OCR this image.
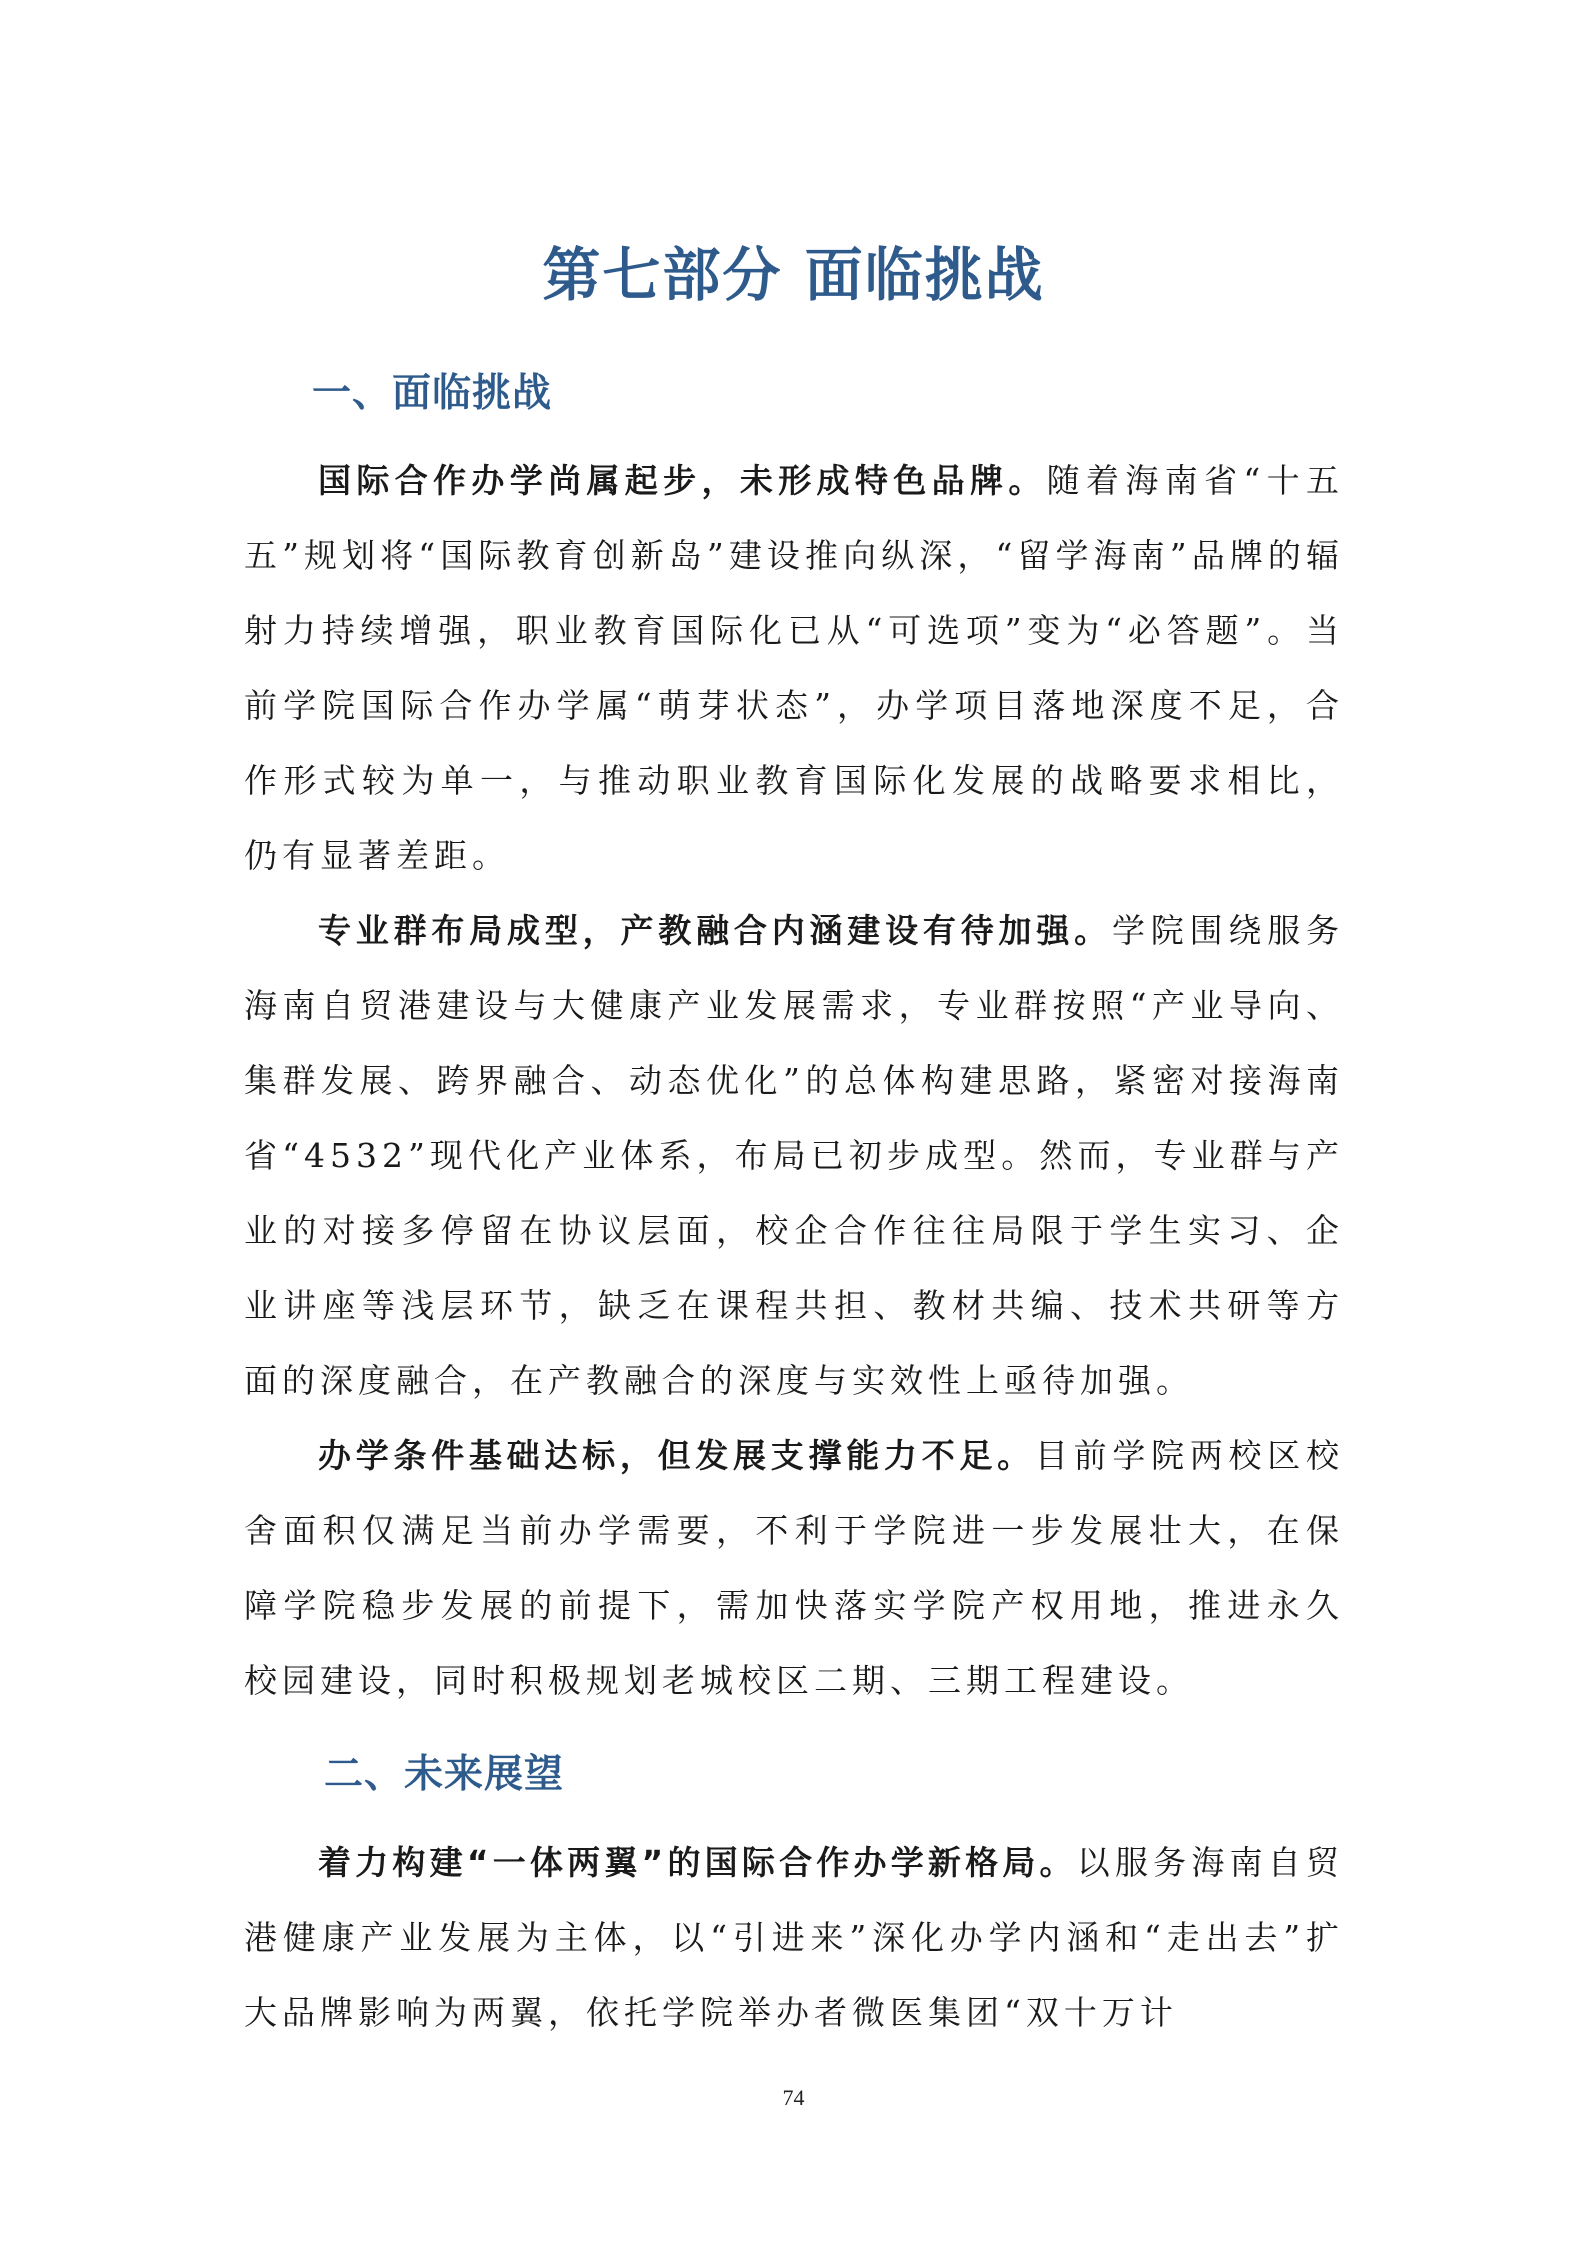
第七部分 面临挑战
一、面临挑战
国际合作办学尚属起步，未形成特色品牌。随着海南省“十五五”规划将“国际教育创新岛”建设推向纵深，“留学海南”品牌的辐射力持续增强，职业教育国际化已从“可选项”变为“必答题”。当前学院国际合作办学属“萌芽状态”，办学项目落地深度不足，合作形式较为单一，与推动职业教育国际化发展的战略要求相比，仍有显著差距。
专业群布局成型，产教融合内涵建设有待加强。学院围绕服务海南自贸港建设与大健康产业发展需求，专业群按照“产业导向、集群发展、跨界融合、动态优化”的总体构建思路，紧密对接海南省“4532”现代化产业体系，布局已初步成型。然而，专业群与产业的对接多停留在协议层面，校企合作往往局限于学生实习、企业讲座等浅层环节，缺乏在课程共担、教材共编、技术共研等方面的深度融合，在产教融合的深度与实效性上亟待加强。
办学条件基础达标，但发展支撑能力不足。目前学院两校区校舍面积仅满足当前办学需要，不利于学院进一步发展壮大，在保障学院稳步发展的前提下，需加快落实学院产权用地，推进永久校园建设，同时积极规划老城校区二期、三期工程建设。
二、未来展望
着力构建“一体两翼”的国际合作办学新格局。以服务海南自贸港健康产业发展为主体，以“引进来”深化办学内涵和“走出去”扩大品牌影响为两翼，依托学院举办者微医集团“双十万计
74
